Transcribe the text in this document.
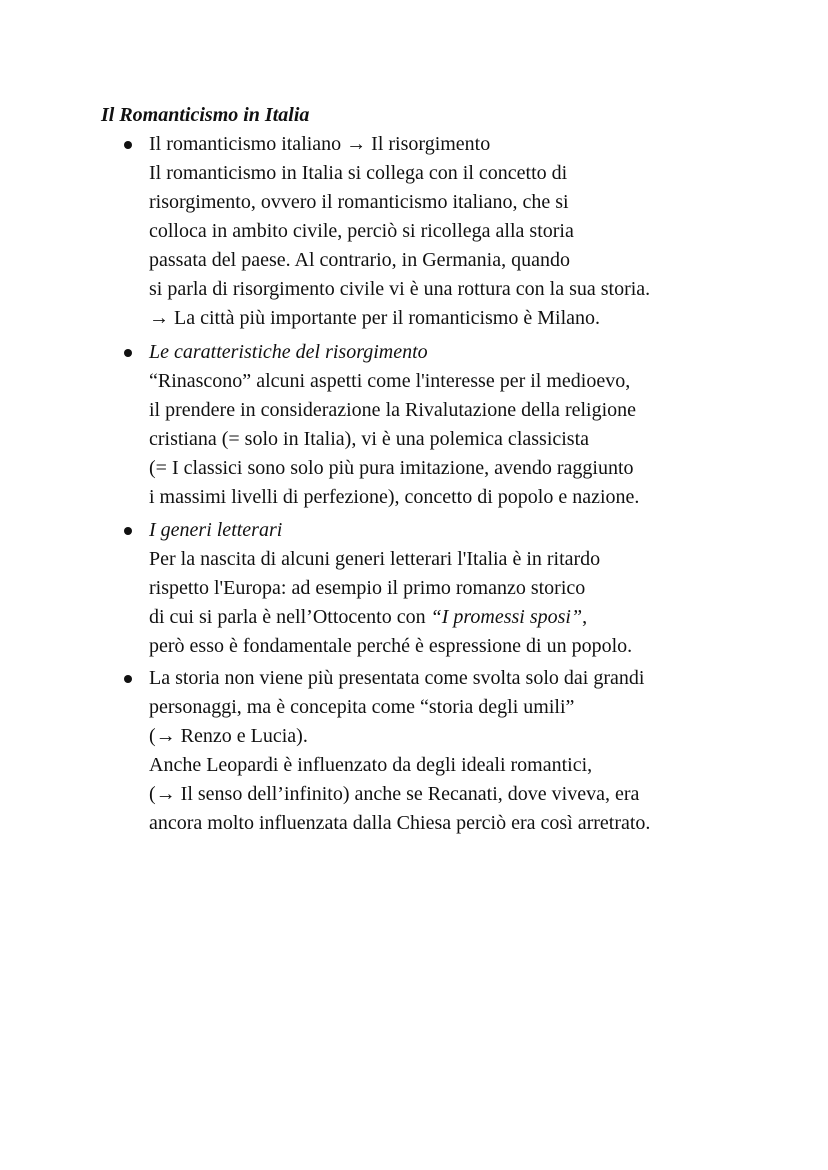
Il Romanticismo in Italia
Il romanticismo italiano → Il risorgimento
Il romanticismo in Italia si collega con il concetto di
risorgimento, ovvero il romanticismo italiano, che si
colloca in ambito civile, perciò si ricollega alla storia
passata del paese. Al contrario, in Germania, quando
si parla di risorgimento civile vi è una rottura con la sua storia.
→ La città più importante per il romanticismo è Milano.
Le caratteristiche del risorgimento
“Rinascono” alcuni aspetti come l'interesse per il medioevo,
il prendere in considerazione la Rivalutazione della religione
cristiana (= solo in Italia), vi è una polemica classicista
(= I classici sono solo più pura imitazione, avendo raggiunto
i massimi livelli di perfezione), concetto di popolo e nazione.
I generi letterari
Per la nascita di alcuni generi letterari l'Italia è in ritardo
rispetto l'Europa: ad esempio il primo romanzo storico
di cui si parla è nell’Ottocento con “I promessi sposi”,
però esso è fondamentale perché è espressione di un popolo.
La storia non viene più presentata come svolta solo dai grandi
personaggi, ma è concepita come “storia degli umili”
(→ Renzo e Lucia).
Anche Leopardi è influenzato da degli ideali romantici,
(→ Il senso dell’infinito) anche se Recanati, dove viveva, era
ancora molto influenzata dalla Chiesa perciò era così arretrato.
